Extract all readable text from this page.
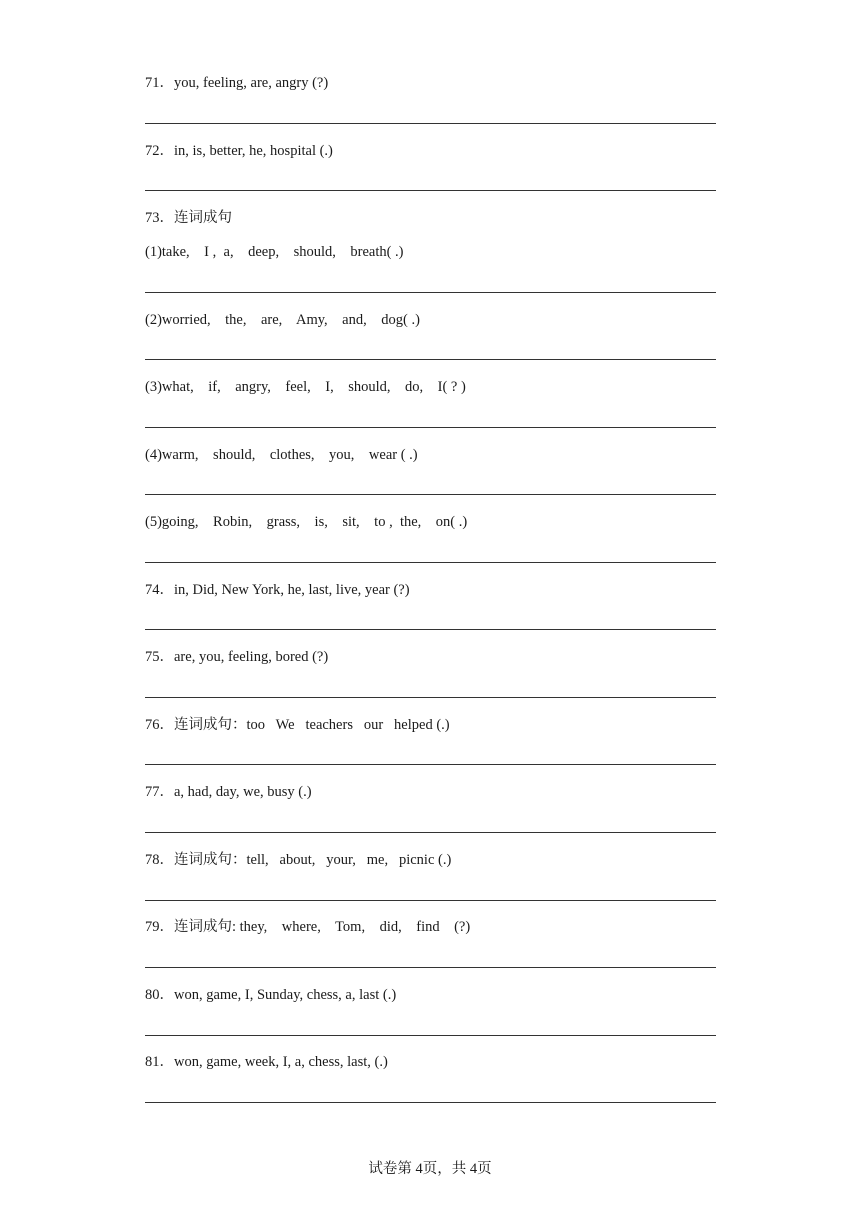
71．you, feeling, are, angry (?)
72．in, is, better, he, hospital (.)
73．连词成句
(1)take,    I ,  a,    deep,    should,    breath( .)
(2)worried,    the,    are,    Amy,    and,    dog( .)
(3)what,    if,    angry,    feel,    I,    should,    do,    I( ? )
(4)warm,    should,    clothes,    you,    wear ( .)
(5)going,    Robin,    grass,    is,    sit,    to ,  the,    on( .)
74．in, Did, New York, he, last, live, year (?)
75．are, you, feeling, bored (?)
76．连词成句：too   We   teachers   our   helped (.)
77．a, had, day, we, busy (.)
78．连词成句：tell,   about,   your,   me,   picnic (.)
79．连词成句: they,    where,    Tom,    did,    find    (?)
80．won, game, I, Sunday, chess, a, last (.)
81．won, game, week, I, a, chess, last, (.)
试卷第 4页，共 4页
